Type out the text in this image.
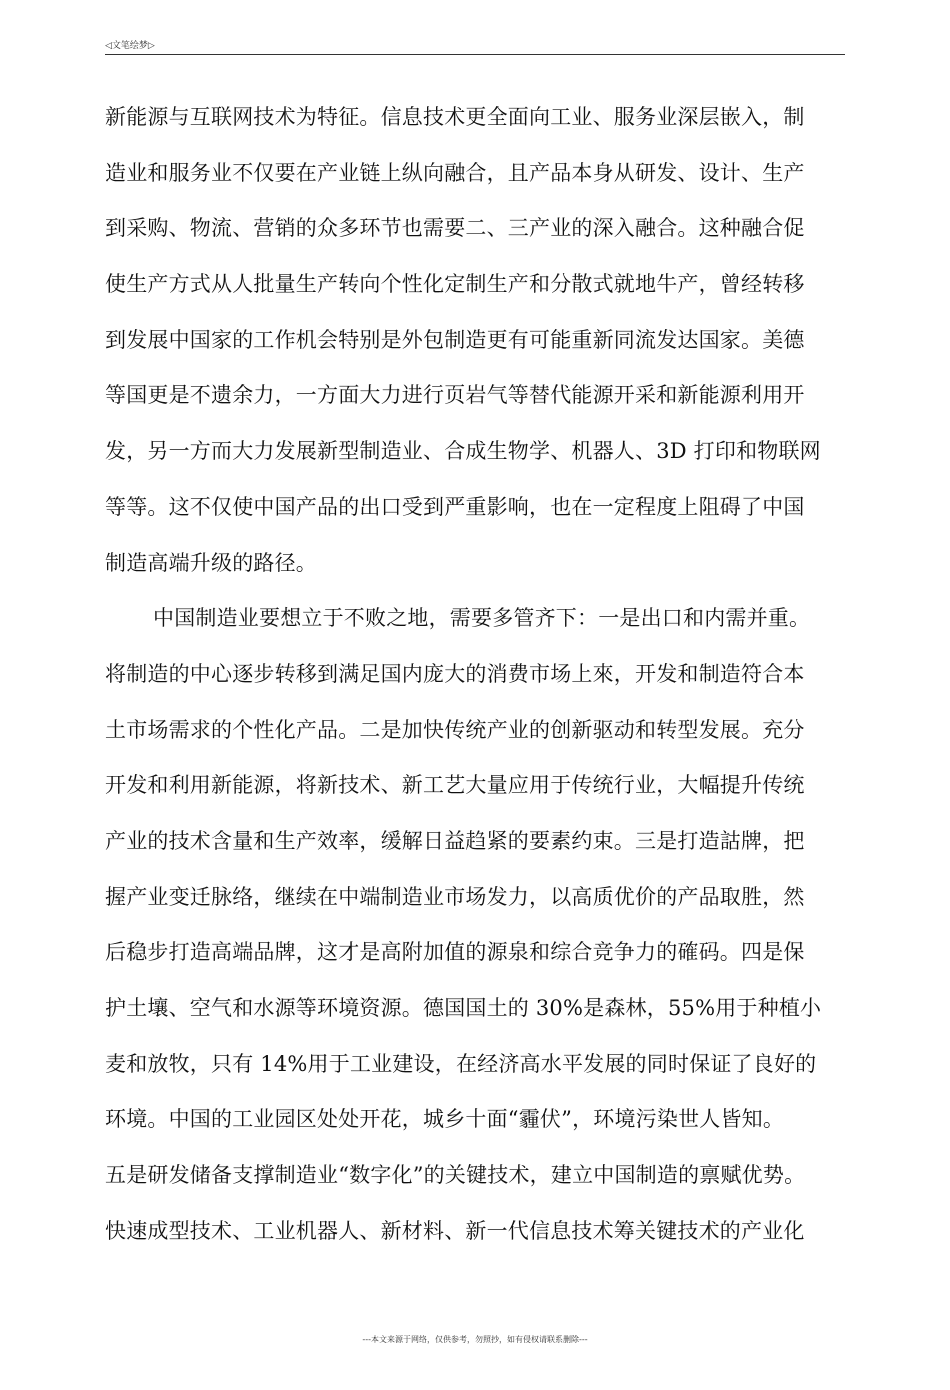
◁文笔绘梦▷
新能源与互联网技术为特征。信息技术更全面向工业、服务业深层嵌入，制
造业和服务业不仅要在产业链上纵向融合，且产品本身从研发、设计、生产
到采购、物流、营销的众多环节也需要二、三产业的深入融合。这种融合促
使生产方式从人批量生产转向个性化定制生产和分散式就地牛产，曾经转移
到发展中国家的工作机会特别是外包制造更有可能重新同流发达国家。美德
等国更是不遗余力，一方面大力进行页岩气等替代能源开采和新能源利用开
发，另一方而大力发展新型制造业、合成生物学、机器人、3D 打印和物联网
等等。这不仅使中国产品的出口受到严重影响，也在一定程度上阻碍了中国
制造高端升级的路径。
中国制造业要想立于不败之地，需要多管齐下：一是出口和内需并重。
将制造的中心逐步转移到满足国内庞大的消费市场上來，开发和制造符合本
土市场需求的个性化产品。二是加快传统产业的创新驱动和转型发展。充分
开发和利用新能源，将新技术、新工艺大量应用于传统行业，大幅提升传统
产业的技术含量和生产效率，缓解日益趋紧的要素约束。三是打造詁牌，把
握产业变迁脉络，继续在中端制造业市场发力，以高质优价的产品取胜，然
后稳步打造高端品牌，这才是高附加值的源泉和综合竞争力的確码。四是保
护土壤、空气和水源等环境资源。德国国土的 30%是森林，55%用于种植小
麦和放牧，只有 14%用于工业建设，在经济高水平发展的同时保证了良好的
环境。中国的工业园区处处开花，城乡十面“霾伏”，环境污染世人皆知。
五是研发储备支撑制造业“数字化”的关键技术，建立中国制造的禀赋优势。
快速成型技术、工业机器人、新材料、新一代信息技术筹关键技术的产业化
---本文来源于网络，仅供参考，勿照抄，如有侵权请联系删除---
